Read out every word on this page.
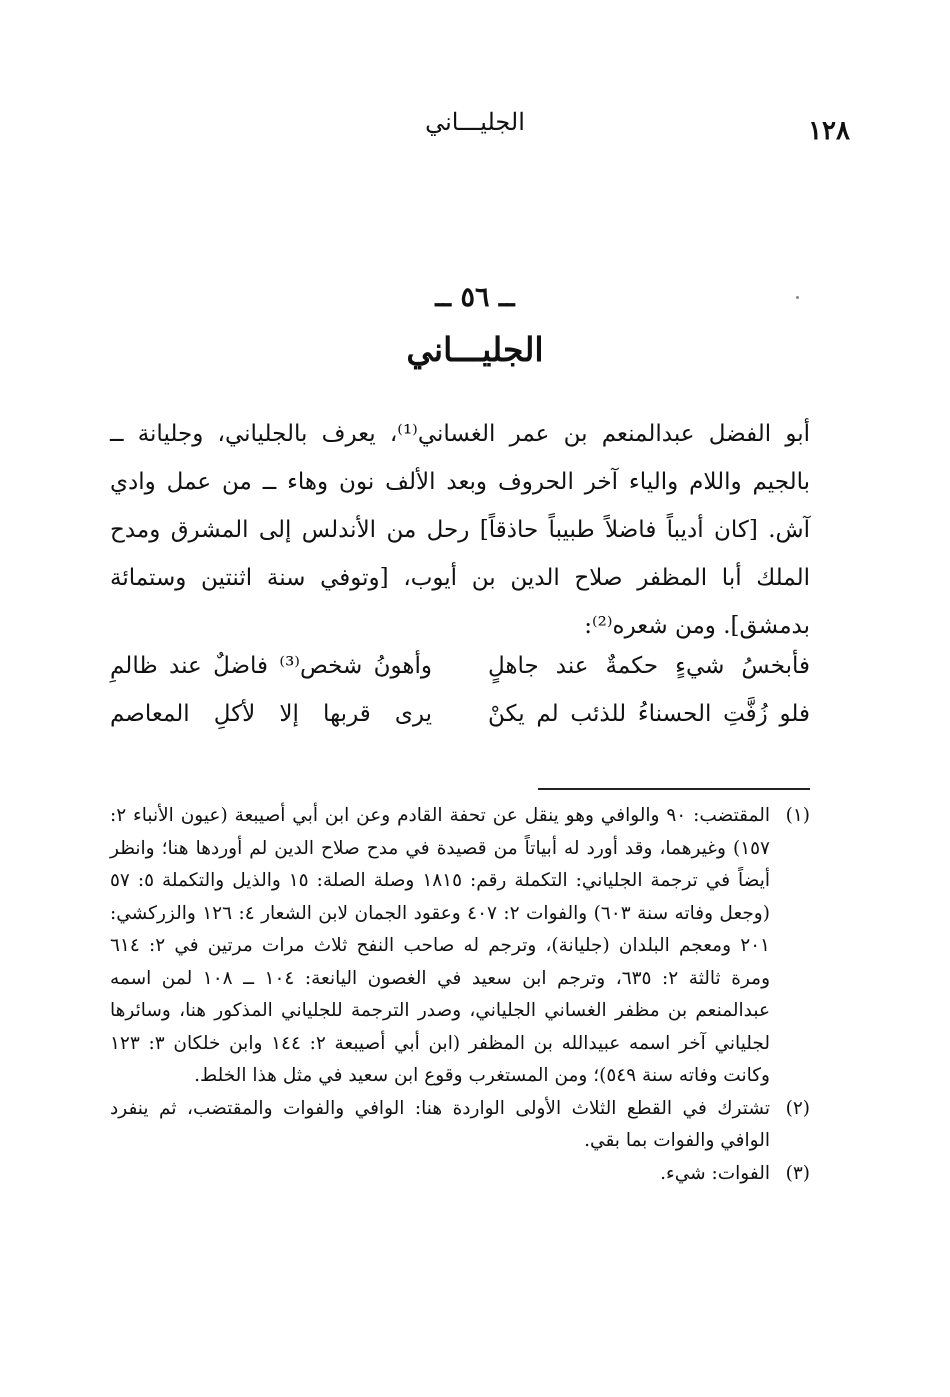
١٢٨
الجليـــاني
ــ ٥٦ ــ
الجليـــاني

أبو الفضل عبدالمنعم بن عمر الغساني⁽¹⁾، يعرف بالجلياني، وجليانة ــ بالجيم واللام والياء آخر الحروف وبعد الألف نون وهاء ــ من عمل وادي آش. [كان أديباً فاضلاً طبيباً حاذقاً] رحل من الأندلس إلى المشرق ومدح الملك أبا المظفر صلاح الدين بن أيوب، [وتوفي سنة اثنتين وستمائة بدمشق]. ومن شعره⁽²⁾:

فأبخسُ شيءٍ حكمةٌ عند جاهلٍ
وأهونُ شخص⁽³⁾ فاضلٌ عند ظالمِ
فلو زُفَّتِ الحسناءُ للذئب لم يكنْ
يرى قربها إلا لأكلِ المعاصم
(١)
المقتضب: ٩٠ والوافي وهو ينقل عن تحفة القادم وعن ابن أبي أصيبعة (عيون الأنباء ٢: ١٥٧) وغيرهما، وقد أورد له أبياتاً من قصيدة في مدح صلاح الدين لم أوردها هنا؛ وانظر أيضاً في ترجمة الجلياني: التكملة رقم: ١٨١٥ وصلة الصلة: ١٥ والذيل والتكملة ٥: ٥٧ (وجعل وفاته سنة ٦٠٣) والفوات ٢: ٤٠٧ وعقود الجمان لابن الشعار ٤: ١٢٦ والزركشي: ٢٠١ ومعجم البلدان (جليانة)، وترجم له صاحب النفح ثلاث مرات مرتين في ٢: ٦١٤ ومرة ثالثة ٢: ٦٣٥، وترجم ابن سعيد في الغصون اليانعة: ١٠٤ ــ ١٠٨ لمن اسمه عبدالمنعم بن مظفر الغساني الجلياني، وصدر الترجمة للجلياني المذكور هنا، وسائرها لجلياني آخر اسمه عبيدالله بن المظفر (ابن أبي أصيبعة ٢: ١٤٤ وابن خلكان ٣: ١٢٣ وكانت وفاته سنة ٥٤٩)؛ ومن المستغرب وقوع ابن سعيد في مثل هذا الخلط.
(٢)
تشترك في القطع الثلاث الأولى الواردة هنا: الوافي والفوات والمقتضب، ثم ينفرد الوافي والفوات بما بقي.
(٣)
الفوات: شيء.
